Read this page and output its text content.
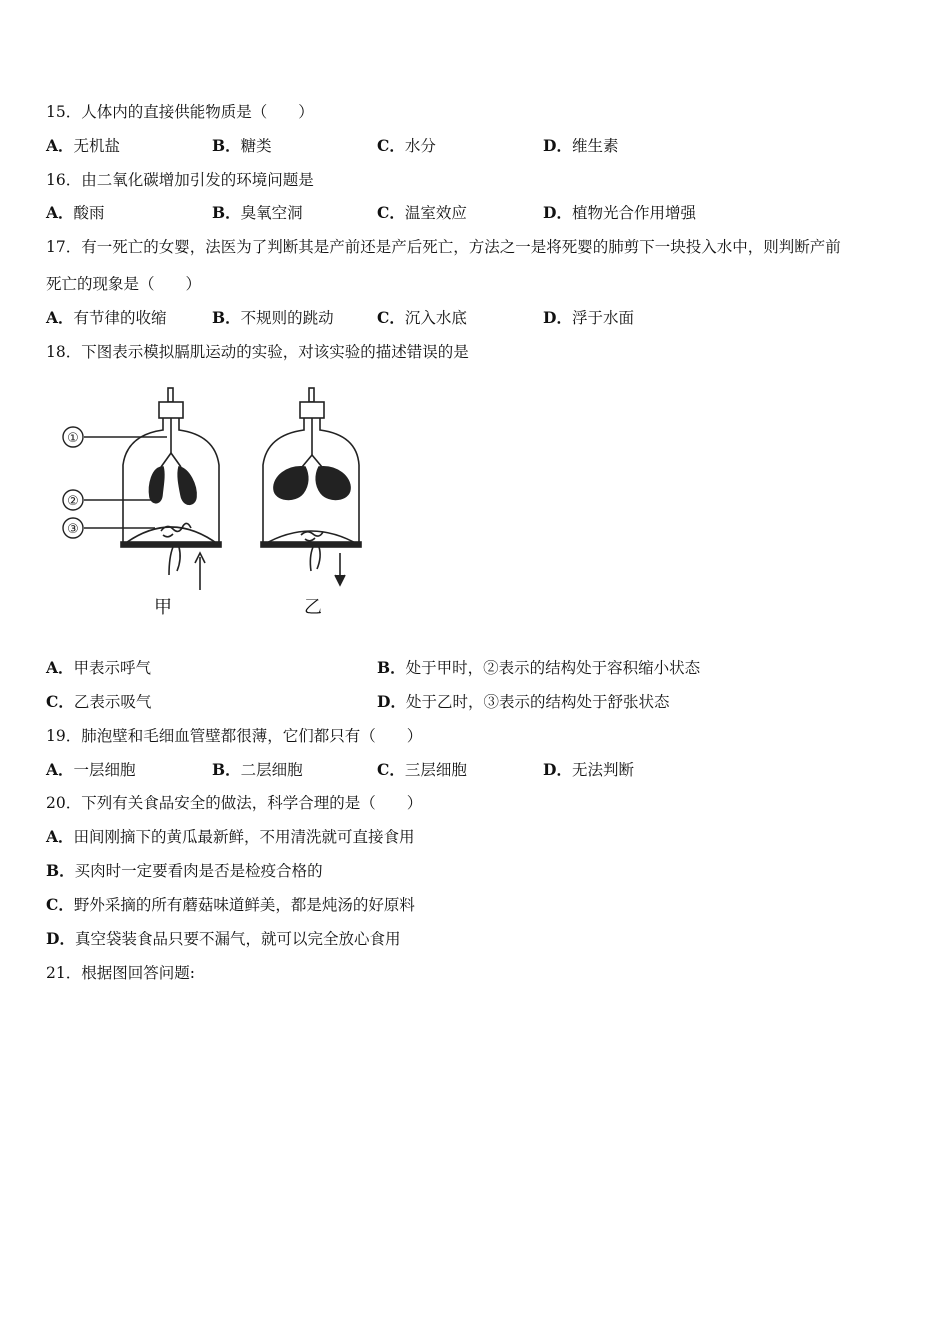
15．人体内的直接供能物质是（　　）
A．无机盐	B．糖类	C．水分	D．维生素
16．由二氧化碳增加引发的环境问题是
A．酸雨	B．臭氧空洞	C．温室效应	D．植物光合作用增强
17．有一死亡的女婴，法医为了判断其是产前还是产后死亡，方法之一是将死婴的肺剪下一块投入水中，则判断产前
死亡的现象是（　　）
A．有节律的收缩	B．不规则的跳动	C．沉入水底	D．浮于水面
18．下图表示模拟膈肌运动的实验，对该实验的描述错误的是
①
②
③
甲	乙
A．甲表示呼气	B．处于甲时，②表示的结构处于容积缩小状态
C．乙表示吸气	D．处于乙时，③表示的结构处于舒张状态
19．肺泡壁和毛细血管壁都很薄，它们都只有（　　）
A．一层细胞	B．二层细胞	C．三层细胞	D．无法判断
20．下列有关食品安全的做法，科学合理的是（　　）
A．田间刚摘下的黄瓜最新鲜，不用清洗就可直接食用
B．买肉时一定要看肉是否是检疫合格的
C．野外采摘的所有蘑菇味道鲜美，都是炖汤的好原料
D．真空袋装食品只要不漏气，就可以完全放心食用
21．根据图回答问题:
